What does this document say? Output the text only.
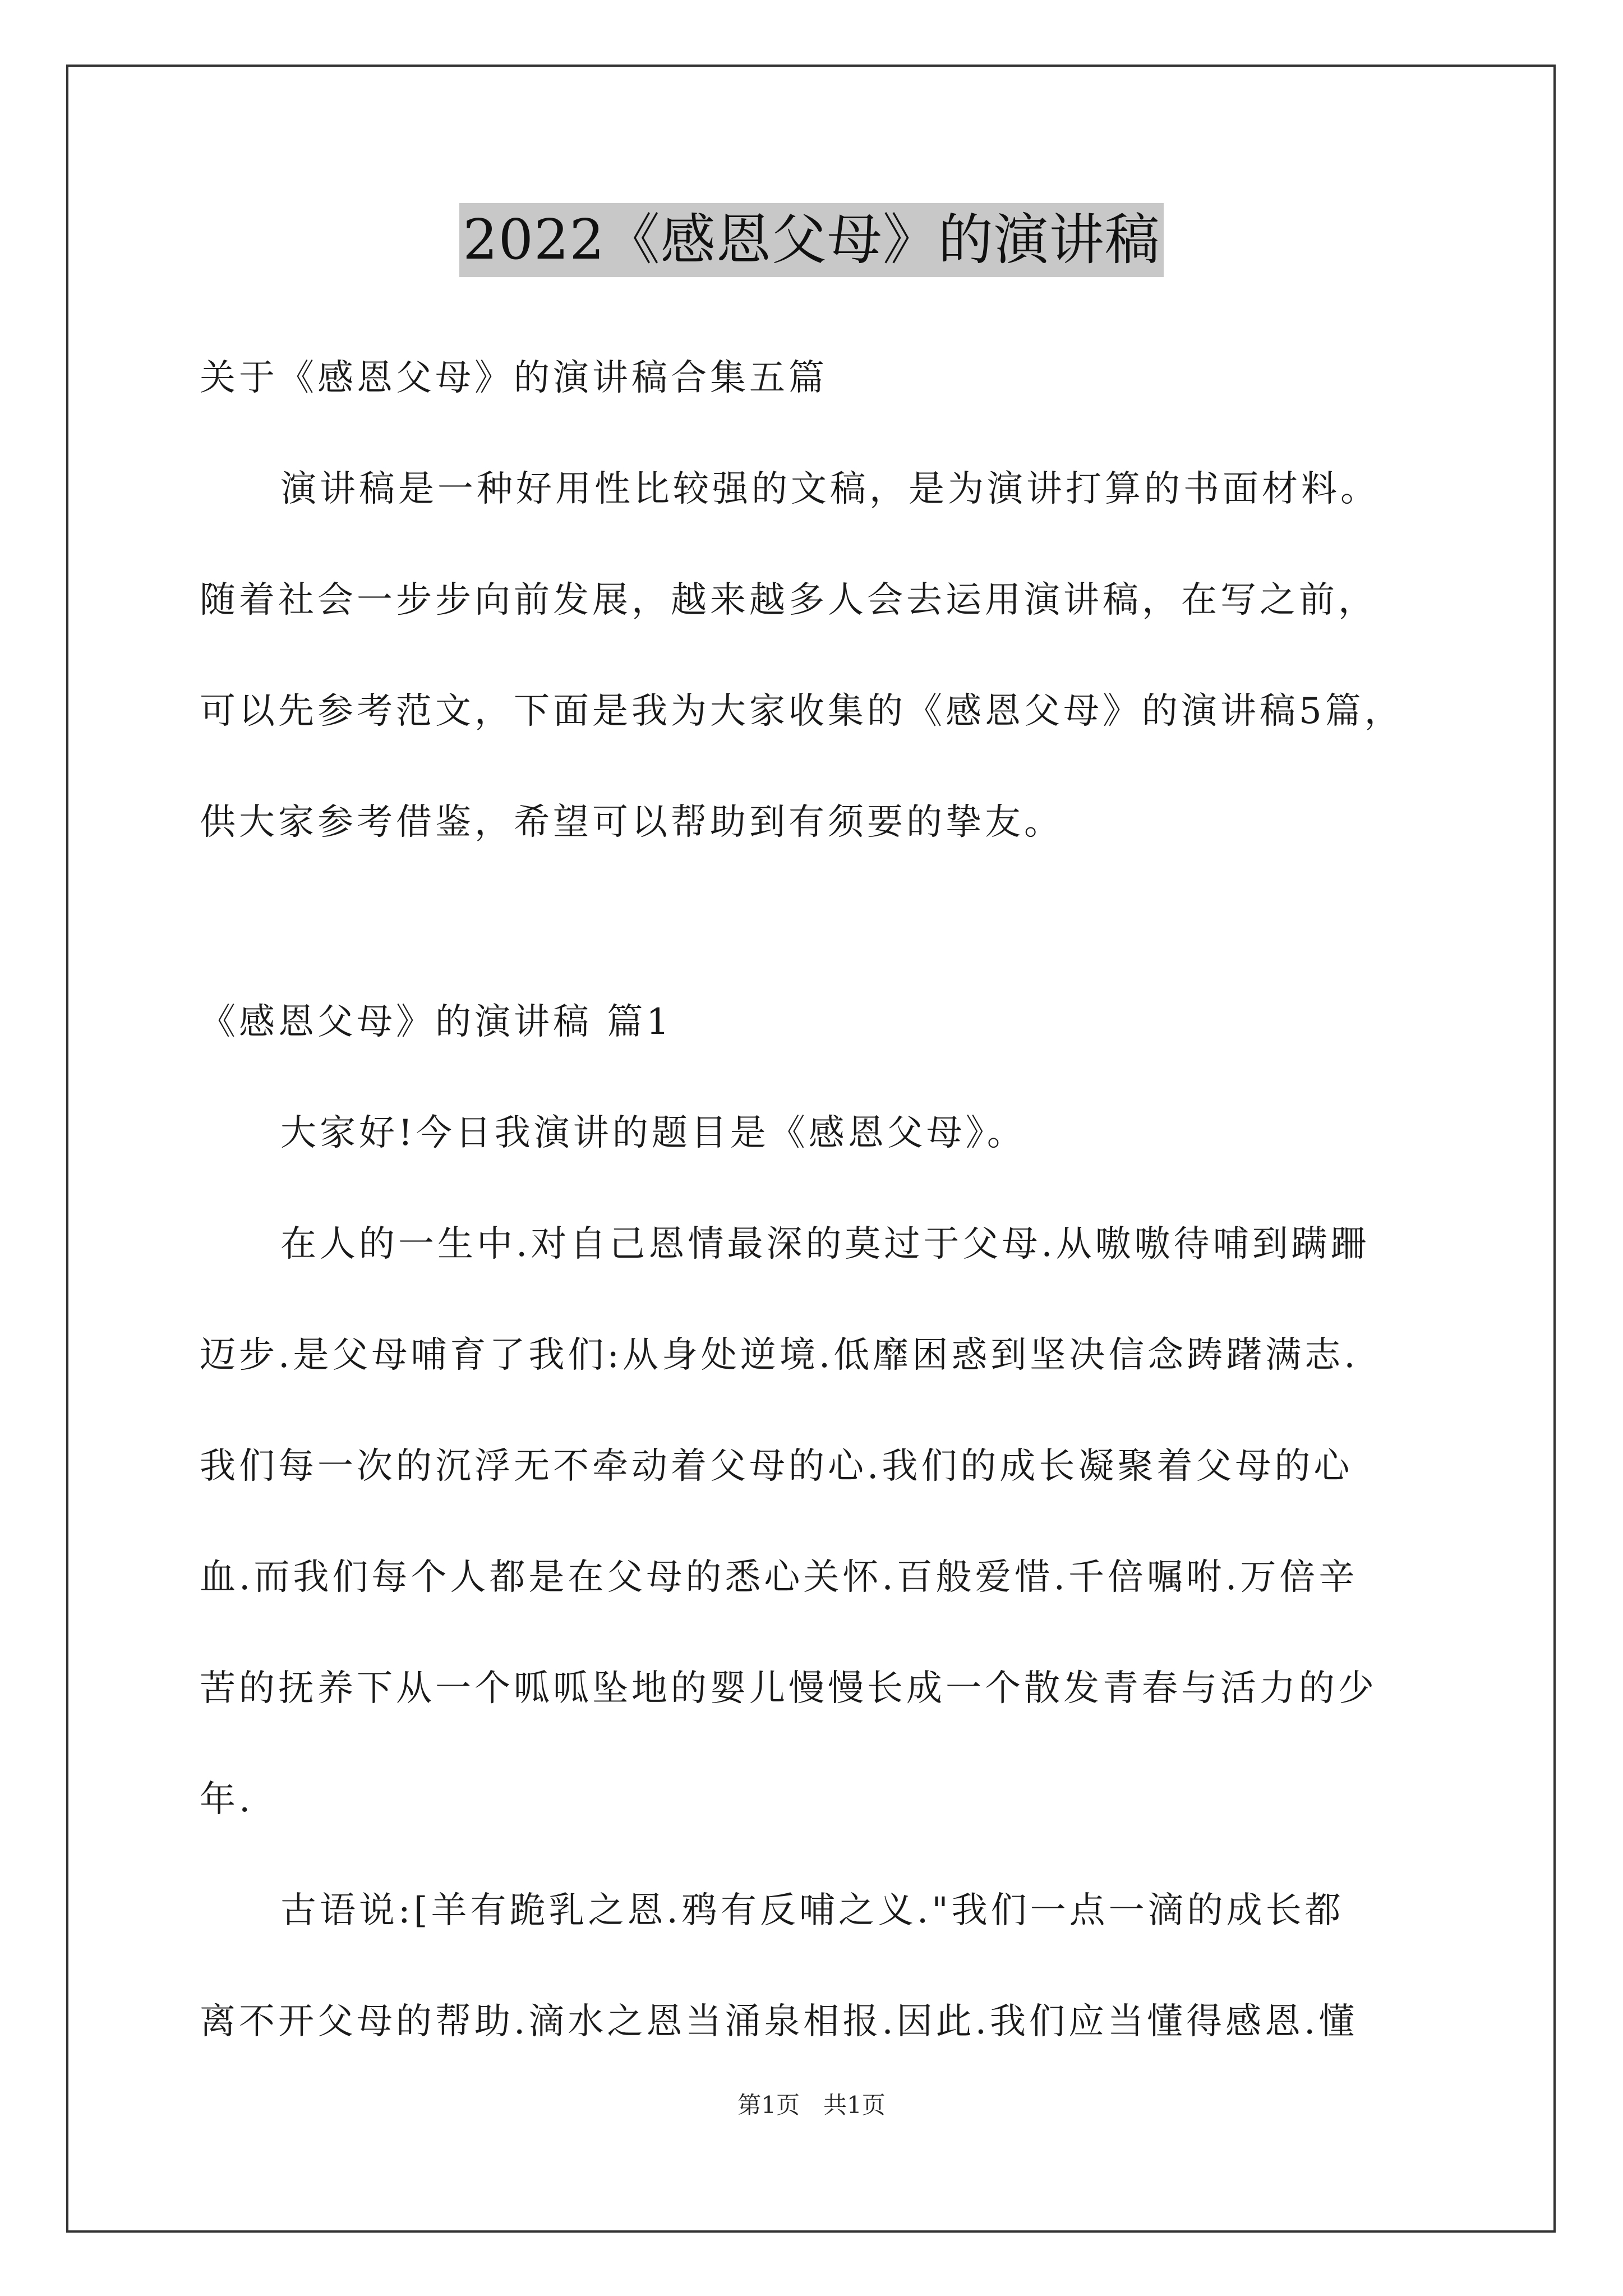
2022《感恩父母》的演讲稿
关于《感恩父母》的演讲稿合集五篇
演讲稿是一种好用性比较强的文稿，是为演讲打算的书面材料。
随着社会一步步向前发展，越来越多人会去运用演讲稿，在写之前，
可以先参考范文，下面是我为大家收集的《感恩父母》的演讲稿5篇，
供大家参考借鉴，希望可以帮助到有须要的挚友。
《感恩父母》的演讲稿 篇1
大家好!今日我演讲的题目是《感恩父母》。
在人的一生中.对自己恩情最深的莫过于父母.从嗷嗷待哺到蹒跚
迈步.是父母哺育了我们:从身处逆境.低靡困惑到坚决信念踌躇满志.
我们每一次的沉浮无不牵动着父母的心.我们的成长凝聚着父母的心
血.而我们每个人都是在父母的悉心关怀.百般爱惜.千倍嘱咐.万倍辛
苦的抚养下从一个呱呱坠地的婴儿慢慢长成一个散发青春与活力的少
年.
古语说:[羊有跪乳之恩.鸦有反哺之义."我们一点一滴的成长都
离不开父母的帮助.滴水之恩当涌泉相报.因此.我们应当懂得感恩.懂
第1页　共1页
